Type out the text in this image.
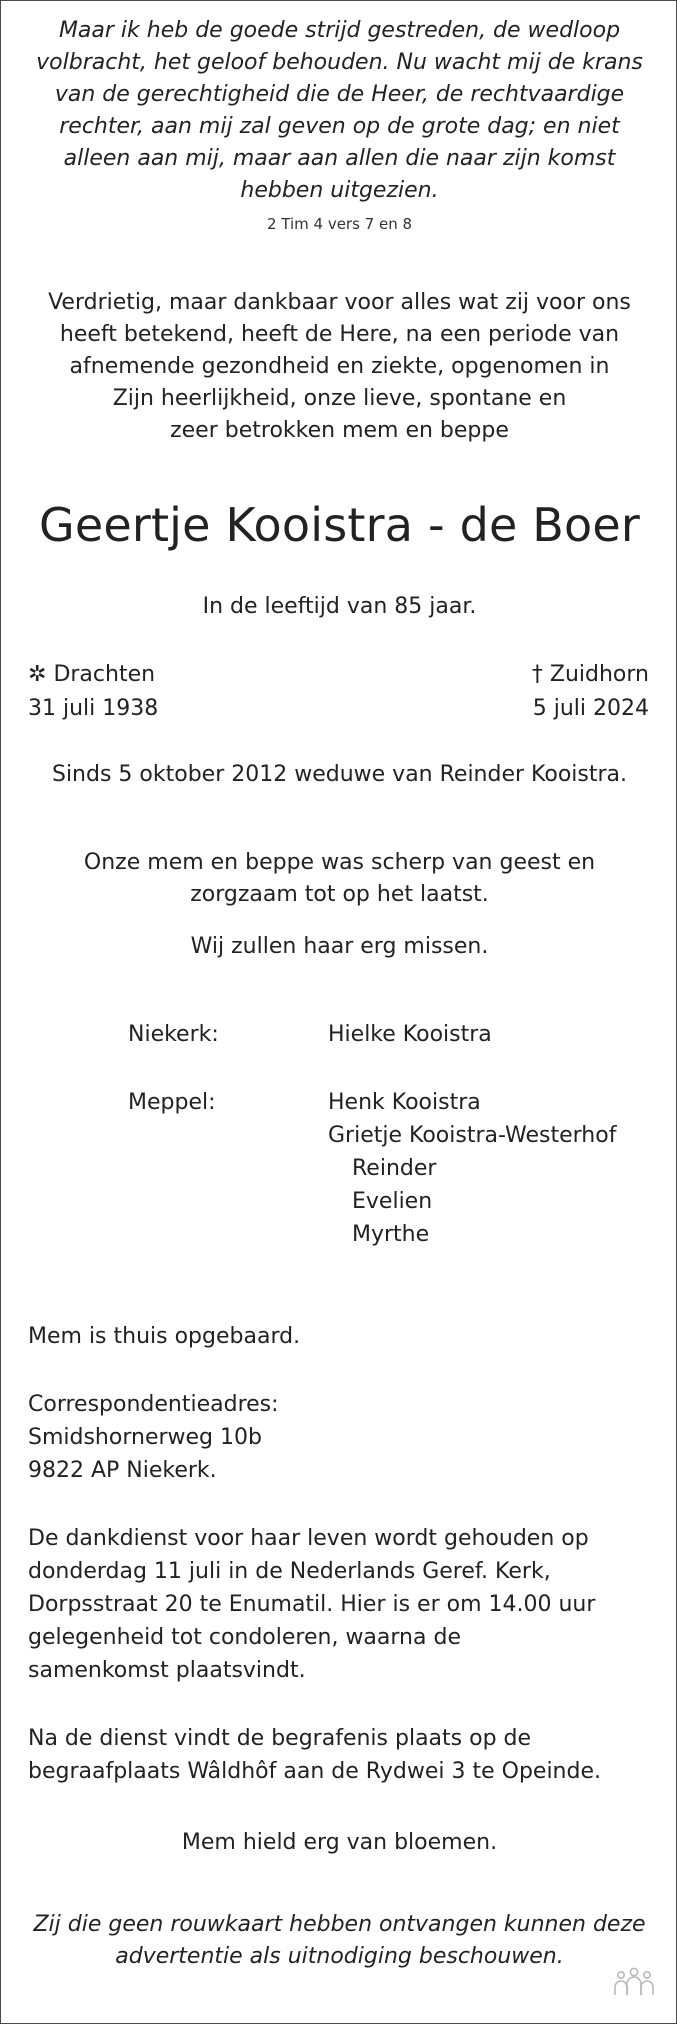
Maar ik heb de goede strijd gestreden, de wedloop
volbracht, het geloof behouden. Nu wacht mij de krans
van de gerechtigheid die de Heer, de rechtvaardige
rechter, aan mij zal geven op de grote dag; en niet
alleen aan mij, maar aan allen die naar zijn komst
hebben uitgezien.
2 Tim 4 vers 7 en 8
Verdrietig, maar dankbaar voor alles wat zij voor ons
heeft betekend, heeft de Here, na een periode van
afnemende gezondheid en ziekte, opgenomen in
Zijn heerlijkheid, onze lieve, spontane en
zeer betrokken mem en beppe
Geertje Kooistra - de Boer
In de leeftijd van 85 jaar.
✲ Drachten
31 juli 1938
† Zuidhorn
5 juli 2024
Sinds 5 oktober 2012 weduwe van Reinder Kooistra.
Onze mem en beppe was scherp van geest en
zorgzaam tot op het laatst.
Wij zullen haar erg missen.
Niekerk:	Hielke Kooistra
Meppel:	Henk Kooistra
Grietje Kooistra-Westerhof
Reinder
Evelien
Myrthe
Mem is thuis opgebaard.
Correspondentieadres:
Smidshornerweg 10b
9822 AP Niekerk.
De dankdienst voor haar leven wordt gehouden op
donderdag 11 juli in de Nederlands Geref. Kerk,
Dorpsstraat 20 te Enumatil. Hier is er om 14.00 uur
gelegenheid tot condoleren, waarna de
samenkomst plaatsvindt.
Na de dienst vindt de begrafenis plaats op de
begraafplaats Wâldhôf aan de Rydwei 3 te Opeinde.
Mem hield erg van bloemen.
Zij die geen rouwkaart hebben ontvangen kunnen deze
advertentie als uitnodiging beschouwen.
